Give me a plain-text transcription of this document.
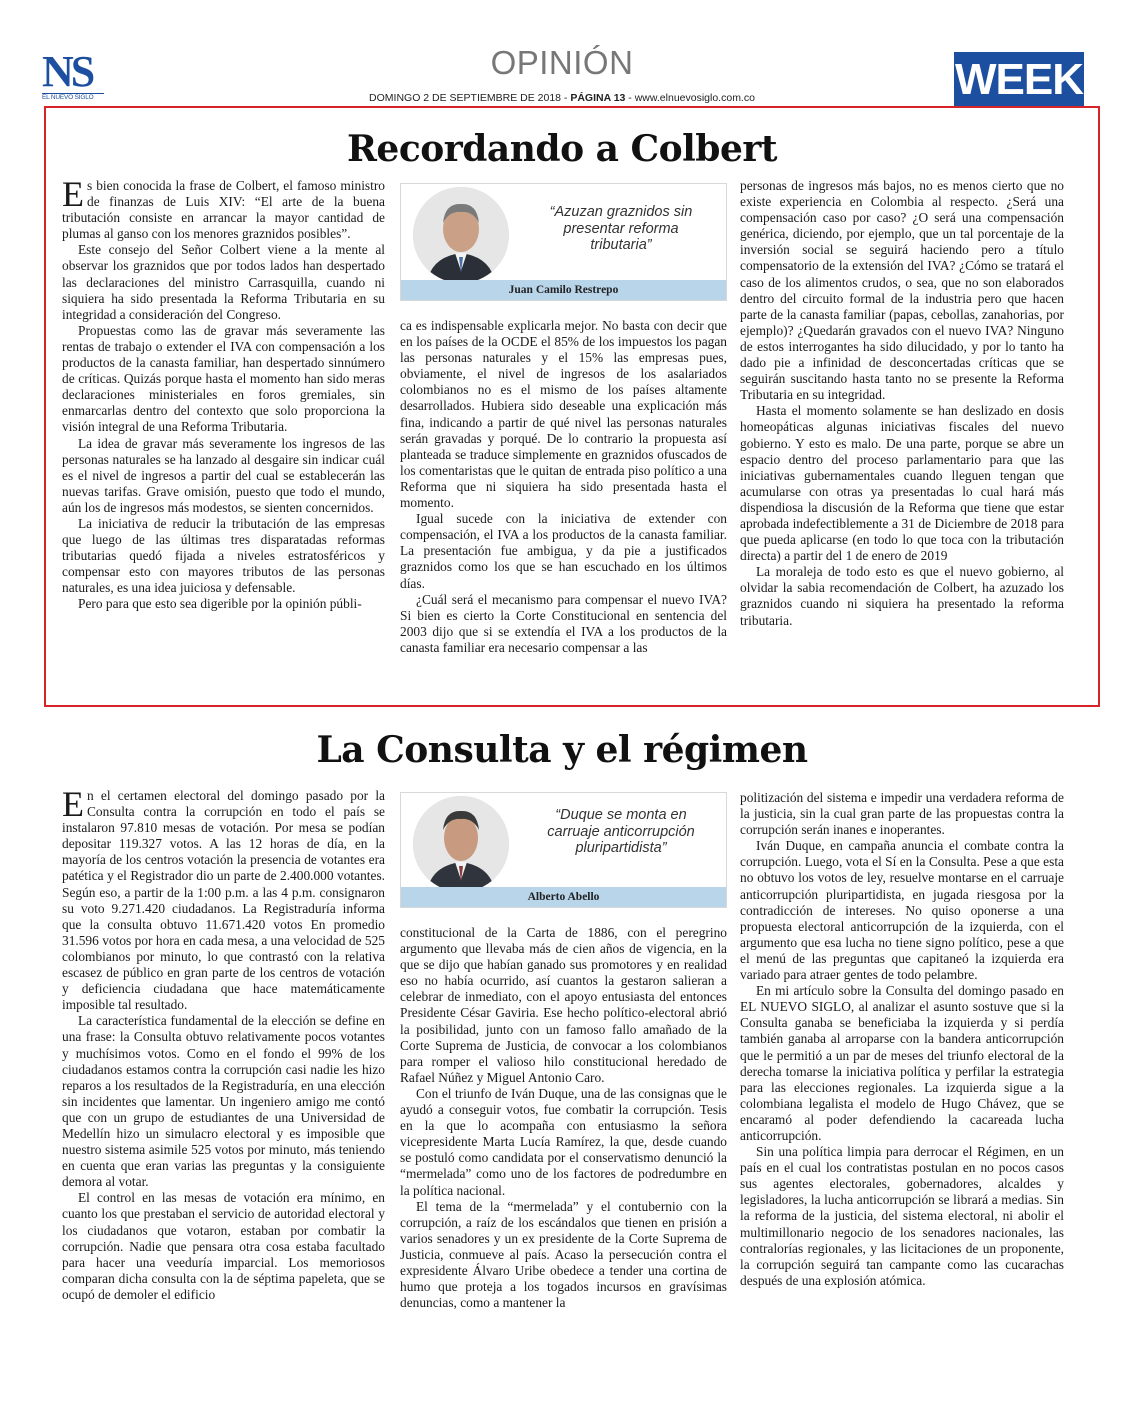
NS
EL NUEVO SIGLO
OPINIÓN
DOMINGO 2 DE SEPTIEMBRE DE 2018 - PÁGINA 13 - www.elnuevosiglo.com.co	WEEK
Recordando a Colbert

Es bien conocida la frase de Colbert, el famoso ministro de finanzas de Luis XIV: “El arte de la buena tributación consiste en arrancar la mayor cantidad de plumas al ganso con los menores graznidos posibles”.

Este consejo del Señor Colbert viene a la mente al observar los graznidos que por todos lados han despertado las declaraciones del ministro Carrasquilla, cuando ni siquiera ha sido presentada la Reforma Tributaria en su integridad a consideración del Congreso.

Propuestas como las de gravar más severamente las rentas de trabajo o extender el IVA con compensación a los productos de la canasta familiar, han despertado sinnúmero de críticas. Quizás porque hasta el momento han sido meras declaraciones ministeriales en foros gremiales, sin enmarcarlas dentro del contexto que solo proporciona la visión integral de una Reforma Tributaria.

La idea de gravar más severamente los ingresos de las personas naturales se ha lanzado al desgaire sin indicar cuál es el nivel de ingresos a partir del cual se establecerán las nuevas tarifas. Grave omisión, puesto que todo el mundo, aún los de ingresos más modestos, se sienten concernidos.

La iniciativa de reducir la tributación de las empresas que luego de las últimas tres disparatadas reformas tributarias quedó fijada a niveles estratosféricos y compensar esto con mayores tributos de las personas naturales, es una idea juiciosa y defensable.

Pero para que esto sea digerible por la opinión públi-

“Azuzan graznidos sin presentar reforma tributaria”
Juan Camilo Restrepo

ca es indispensable explicarla mejor. No basta con decir que en los países de la OCDE el 85% de los impuestos los pagan las personas naturales y el 15% las empresas pues, obviamente, el nivel de ingresos de los asalariados colombianos no es el mismo de los países altamente desarrollados. Hubiera sido deseable una explicación más fina, indicando a partir de qué nivel las personas naturales serán gravadas y porqué. De lo contrario la propuesta así planteada se traduce simplemente en graznidos ofuscados de los comentaristas que le quitan de entrada piso político a una Reforma que ni siquiera ha sido presentada hasta el momento.

Igual sucede con la iniciativa de extender con compensación, el IVA a los productos de la canasta familiar. La presentación fue ambigua, y da pie a justificados graznidos como los que se han escuchado en los últimos días.

¿Cuál será el mecanismo para compensar el nuevo IVA? Si bien es cierto la Corte Constitucional en sentencia del 2003 dijo que si se extendía el IVA a los productos de la canasta familiar era necesario compensar a las

personas de ingresos más bajos, no es menos cierto que no existe experiencia en Colombia al respecto. ¿Será una compensación caso por caso? ¿O será una compensación genérica, diciendo, por ejemplo, que un tal porcentaje de la inversión social se seguirá haciendo pero a título compensatorio de la extensión del IVA? ¿Cómo se tratará el caso de los alimentos crudos, o sea, que no son elaborados dentro del circuito formal de la industria pero que hacen parte de la canasta familiar (papas, cebollas, zanahorias, por ejemplo)? ¿Quedarán gravados con el nuevo IVA? Ninguno de estos interrogantes ha sido dilucidado, y por lo tanto ha dado pie a infinidad de desconcertadas críticas que se seguirán suscitando hasta tanto no se presente la Reforma Tributaria en su integridad.

Hasta el momento solamente se han deslizado en dosis homeopáticas algunas iniciativas fiscales del nuevo gobierno. Y esto es malo. De una parte, porque se abre un espacio dentro del proceso parlamentario para que las iniciativas gubernamentales cuando lleguen tengan que acumularse con otras ya presentadas lo cual hará más dispendiosa la discusión de la Reforma que tiene que estar aprobada indefectiblemente a 31 de Diciembre de 2018 para que pueda aplicarse (en todo lo que toca con la tributación directa) a partir del 1 de enero de 2019

La moraleja de todo esto es que el nuevo gobierno, al olvidar la sabia recomendación de Colbert, ha azuzado los graznidos cuando ni siquiera ha presentado la reforma tributaria.

La Consulta y el régimen

En el certamen electoral del domingo pasado por la Consulta contra la corrupción en todo el país se instalaron 97.810 mesas de votación. Por mesa se podían depositar 119.327 votos. A las 12 horas de día, en la mayoría de los centros votación la presencia de votantes era patética y el Registrador dio un parte de 2.400.000 votantes. Según eso, a partir de la 1:00 p.m. a las 4 p.m. consignaron su voto 9.271.420 ciudadanos. La Registraduría informa que la consulta obtuvo 11.671.420 votos En promedio 31.596 votos por hora en cada mesa, a una velocidad de 525 colombianos por minuto, lo que contrastó con la relativa escasez de público en gran parte de los centros de votación y deficiencia ciudadana que hace matemáticamente imposible tal resultado.

La característica fundamental de la elección se define en una frase: la Consulta obtuvo relativamente pocos votantes y muchísimos votos. Como en el fondo el 99% de los ciudadanos estamos contra la corrupción casi nadie les hizo reparos a los resultados de la Registraduría, en una elección sin incidentes que lamentar. Un ingeniero amigo me contó que con un grupo de estudiantes de una Universidad de Medellín hizo un simulacro electoral y es imposible que nuestro sistema asimile 525 votos por minuto, más teniendo en cuenta que eran varias las preguntas y la consiguiente demora al votar.

El control en las mesas de votación era mínimo, en cuanto los que prestaban el servicio de autoridad electoral y los ciudadanos que votaron, estaban por combatir la corrupción. Nadie que pensara otra cosa estaba facultado para hacer una veeduría imparcial. Los memoriosos comparan dicha consulta con la de séptima papeleta, que se ocupó de demoler el edificio

“Duque se monta en carruaje anticorrupción pluripartidista”
Alberto Abello

constitucional de la Carta de 1886, con el peregrino argumento que llevaba más de cien años de vigencia, en la que se dijo que habían ganado sus promotores y en realidad eso no había ocurrido, así cuantos la gestaron salieran a celebrar de inmediato, con el apoyo entusiasta del entonces Presidente César Gaviria. Ese hecho político-electoral abrió la posibilidad, junto con un famoso fallo amañado de la Corte Suprema de Justicia, de convocar a los colombianos para romper el valioso hilo constitucional heredado de Rafael Núñez y Miguel Antonio Caro.

Con el triunfo de Iván Duque, una de las consignas que le ayudó a conseguir votos, fue combatir la corrupción. Tesis en la que lo acompaña con entusiasmo la señora vicepresidente Marta Lucía Ramírez, la que, desde cuando se postuló como candidata por el conservatismo denunció la “mermelada” como uno de los factores de podredumbre en la política nacional.

El tema de la “mermelada” y el contubernio con la corrupción, a raíz de los escándalos que tienen en prisión a varios senadores y un ex presidente de la Corte Suprema de Justicia, conmueve al país. Acaso la persecución contra el expresidente Álvaro Uribe obedece a tender una cortina de humo que proteja a los togados incursos en gravísimas denuncias, como a mantener la

politización del sistema e impedir una verdadera reforma de la justicia, sin la cual gran parte de las propuestas contra la corrupción serán inanes e inoperantes.

Iván Duque, en campaña anuncia el combate contra la corrupción. Luego, vota el Sí en la Consulta. Pese a que esta no obtuvo los votos de ley, resuelve montarse en el carruaje anticorrupción pluripartidista, en jugada riesgosa por la contradicción de intereses. No quiso oponerse a una propuesta electoral anticorrupción de la izquierda, con el argumento que esa lucha no tiene signo político, pese a que el menú de las preguntas que capitaneó la izquierda era variado para atraer gentes de todo pelambre.

En mi artículo sobre la Consulta del domingo pasado en EL NUEVO SIGLO, al analizar el asunto sostuve que si la Consulta ganaba se beneficiaba la izquierda y si perdía también ganaba al arroparse con la bandera anticorrupción que le permitió a un par de meses del triunfo electoral de la derecha tomarse la iniciativa política y perfilar la estrategia para las elecciones regionales. La izquierda sigue a la colombiana legalista el modelo de Hugo Chávez, que se encaramó al poder defendiendo la cacareada lucha anticorrupción.

Sin una política limpia para derrocar el Régimen, en un país en el cual los contratistas postulan en no pocos casos sus agentes electorales, gobernadores, alcaldes y legisladores, la lucha anticorrupción se librará a medias. Sin la reforma de la justicia, del sistema electoral, ni abolir el multimillonario negocio de los senadores nacionales, las contralorías regionales, y las licitaciones de un proponente, la corrupción seguirá tan campante como las cucarachas después de una explosión atómica.
